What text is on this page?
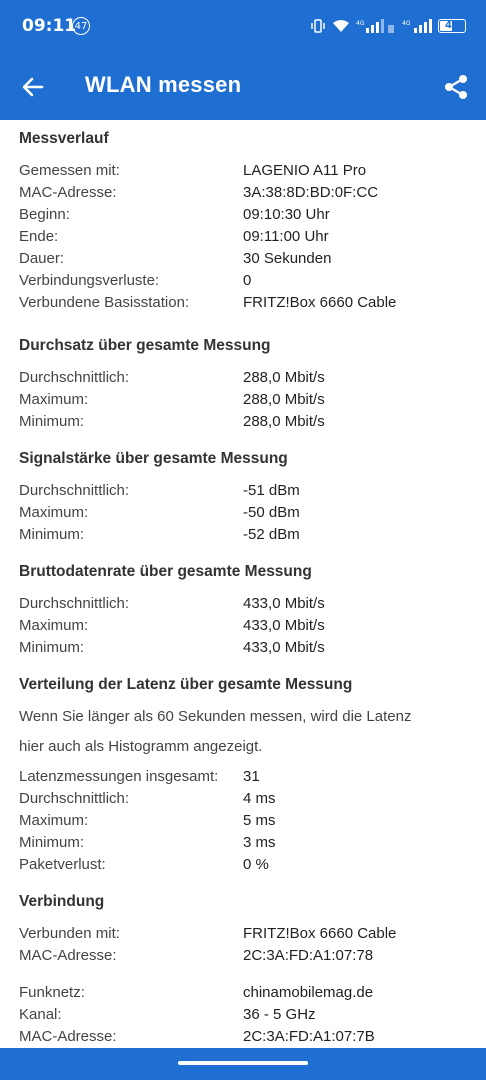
09:11
47	4G	4G	47
WLAN messen
Messverlauf
Gemessen mit:	LAGENIO A11 Pro
MAC-Adresse:	3A:38:8D:BD:0F:CC
Beginn:	09:10:30 Uhr
Ende:	09:11:00 Uhr
Dauer:	30 Sekunden
Verbindungsverluste:	0
Verbundene Basisstation:	FRITZ!Box 6660 Cable
Durchsatz über gesamte Messung
Durchschnittlich:	288,0 Mbit/s
Maximum:	288,0 Mbit/s
Minimum:	288,0 Mbit/s
Signalstärke über gesamte Messung
Durchschnittlich:	-51 dBm
Maximum:	-50 dBm
Minimum:	-52 dBm
Bruttodatenrate über gesamte Messung
Durchschnittlich:	433,0 Mbit/s
Maximum:	433,0 Mbit/s
Minimum:	433,0 Mbit/s
Verteilung der Latenz über gesamte Messung
Wenn Sie länger als 60 Sekunden messen, wird die Latenz
hier auch als Histogramm angezeigt.
Latenzmessungen insgesamt: 31
Durchschnittlich:	4 ms
Maximum:	5 ms
Minimum:	3 ms
Paketverlust:	0 %
Verbindung
Verbunden mit:	FRITZ!Box 6660 Cable
MAC-Adresse:	2C:3A:FD:A1:07:78
Funknetz:	chinamobilemag.de
Kanal:	36 - 5 GHz
MAC-Adresse:	2C:3A:FD:A1:07:7B
